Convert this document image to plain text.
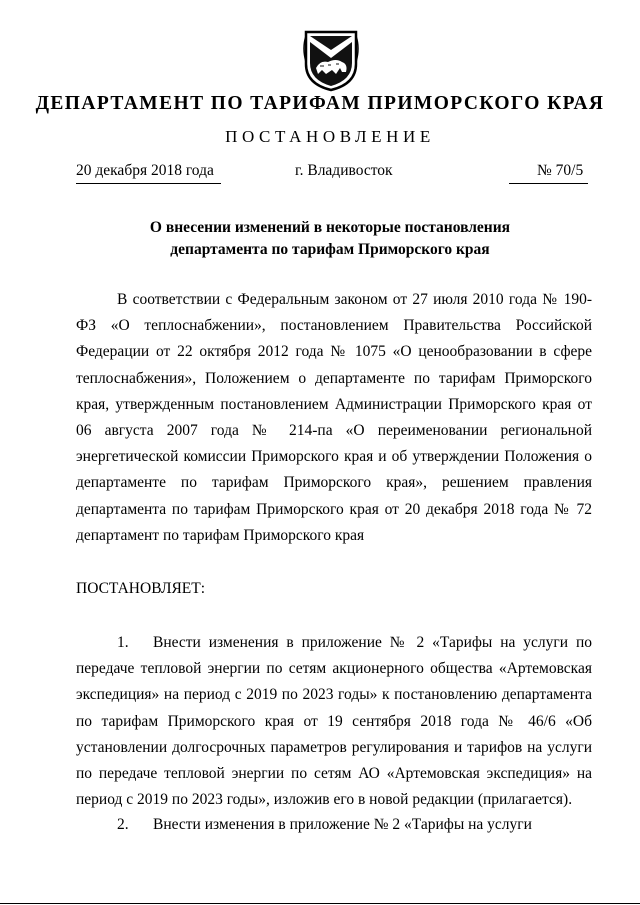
ДЕПАРТАМЕНТ ПО ТАРИФАМ ПРИМОРСКОГО КРАЯ
ПОСТАНОВЛЕНИЕ
20 декабря 2018 года	г. Владивосток	№ 70/5
О внесении изменений в некоторые постановления
департамента по тарифам Приморского края
В соответствии с Федеральным законом от 27 июля 2010 года № 190-ФЗ «О теплоснабжении», постановлением Правительства Российской Федерации от 22 октября 2012 года № 1075 «О ценообразовании в сфере теплоснабжения», Положением о департаменте по тарифам Приморского края, утвержденным постановлением Администрации Приморского края от 06 августа 2007 года № 214-па «О переименовании региональной энергетической комиссии Приморского края и об утверждении Положения о департаменте по тарифам Приморского края», решением правления департамента по тарифам Приморского края от 20 декабря 2018 года № 72 департамент по тарифам Приморского края
ПОСТАНОВЛЯЕТ:
1. Внести изменения в приложение № 2 «Тарифы на услуги по передаче тепловой энергии по сетям акционерного общества «Артемовская экспедиция» на период с 2019 по 2023 годы» к постановлению департамента по тарифам Приморского края от 19 сентября 2018 года № 46/6 «Об установлении долгосрочных параметров регулирования и тарифов на услуги по передаче тепловой энергии по сетям АО «Артемовская экспедиция» на период с 2019 по 2023 годы», изложив его в новой редакции (прилагается).
2. Внести изменения в приложение № 2 «Тарифы на услуги
